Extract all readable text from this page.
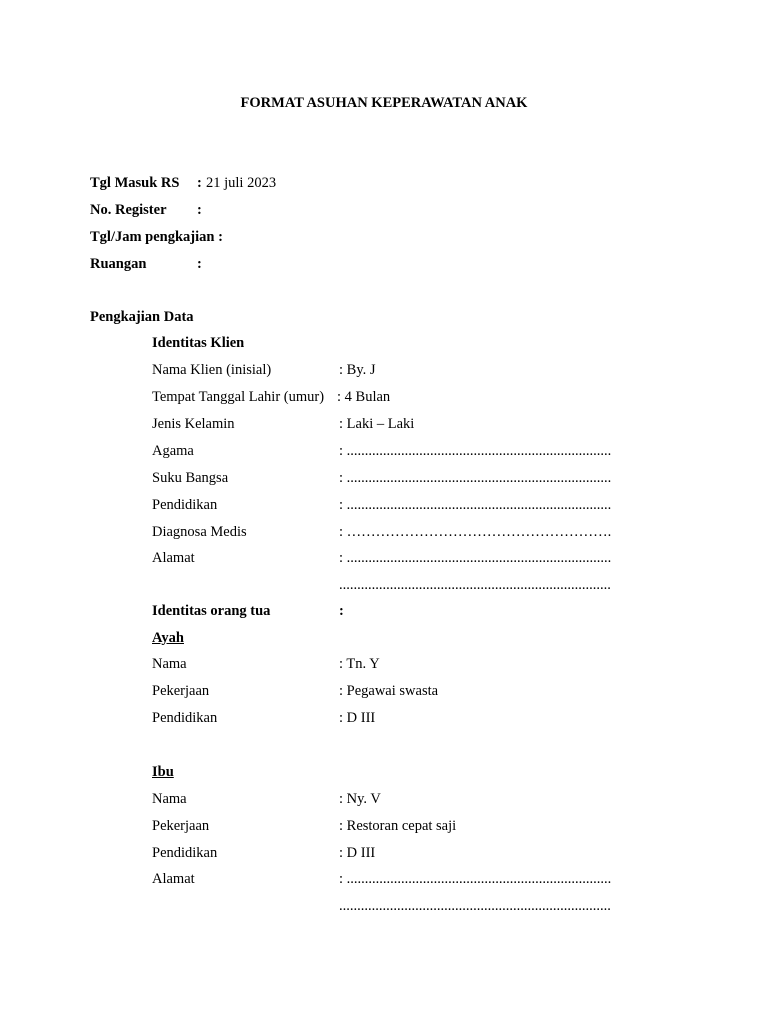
FORMAT ASUHAN KEPERAWATAN ANAK
Tgl Masuk RS : 21 juli 2023
No. Register :
Tgl/Jam pengkajian :
Ruangan	:
Pengkajian Data
Identitas Klien
Nama Klien (inisial)	: By. J
Tempat Tanggal Lahir (umur) : 4 Bulan
Jenis Kelamin	: Laki – Laki
Agama	: .........................................................................
Suku Bangsa	: .........................................................................
Pendidikan	: .........................................................................
Diagnosa Medis	: ……………………………………………….
Alamat	: .........................................................................
...........................................................................
Identitas orang tua	:
Ayah
Nama	: Tn. Y
Pekerjaan	: Pegawai swasta
Pendidikan	: D III
Ibu
Nama	: Ny. V
Pekerjaan	: Restoran cepat saji
Pendidikan	: D III
Alamat	: .........................................................................
...........................................................................
